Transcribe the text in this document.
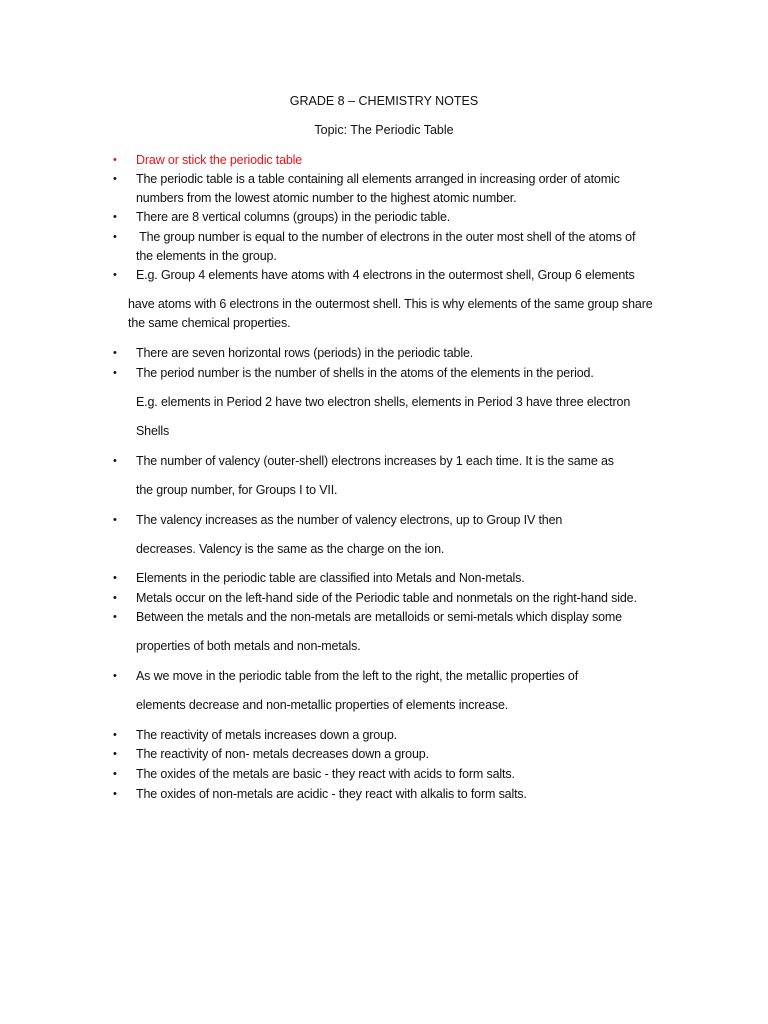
GRADE 8 – CHEMISTRY NOTES
Topic: The Periodic Table
•
•
•
•
•
•
•
•
•
•
•
•
•
•
•
•
•
Draw or stick the periodic table
The periodic table is a table containing all elements arranged in increasing order of atomic
numbers from the lowest atomic number to the highest atomic number.
There are 8 vertical columns (groups) in the periodic table.
The group number is equal to the number of electrons in the outer most shell of the atoms of
the elements in the group.
E.g. Group 4 elements have atoms with 4 electrons in the outermost shell, Group 6 elements
have atoms with 6 electrons in the outermost shell. This is why elements of the same group share
the same chemical properties.
There are seven horizontal rows (periods) in the periodic table.
The period number is the number of shells in the atoms of the elements in the period.
E.g. elements in Period 2 have two electron shells, elements in Period 3 have three electron
Shells
The number of valency (outer-shell) electrons increases by 1 each time. It is the same as
the group number, for Groups I to VII.
The valency increases as the number of valency electrons, up to Group IV then
decreases. Valency is the same as the charge on the ion.
Elements in the periodic table are classified into Metals and Non-metals.
Metals occur on the left-hand side of the Periodic table and nonmetals on the right-hand side.
Between the metals and the non-metals are metalloids or semi-metals which display some
properties of both metals and non-metals.
As we move in the periodic table from the left to the right, the metallic properties of
elements decrease and non-metallic properties of elements increase.
The reactivity of metals increases down a group.
The reactivity of non- metals decreases down a group.
The oxides of the metals are basic - they react with acids to form salts.
The oxides of non-metals are acidic - they react with alkalis to form salts.
